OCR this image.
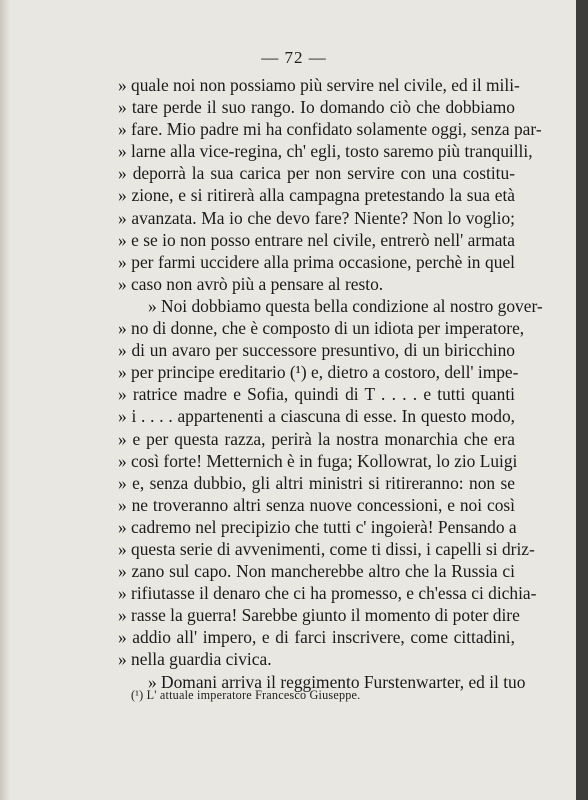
— 72 —
» quale noi non possiamo più servire nel civile, ed il mili-
» tare perde il suo rango. Io domando ciò che dobbiamo
» fare. Mio padre mi ha confidato solamente oggi, senza par-
» larne alla vice-regina, ch' egli, tosto saremo più tranquilli,
» deporrà la sua carica per non servire con una costitu-
» zione, e si ritirerà alla campagna pretestando la sua età
» avanzata. Ma io che devo fare? Niente? Non lo voglio;
» e se io non posso entrare nel civile, entrerò nell' armata
» per farmi uccidere alla prima occasione, perchè in quel
» caso non avrò più a pensare al resto.
» Noi dobbiamo questa bella condizione al nostro gover-
» no di donne, che è composto di un idiota per imperatore,
» di un avaro per successore presuntivo, di un biricchino
» per principe ereditario (¹) e, dietro a costoro, dell' impe-
» ratrice madre e Sofia, quindi di T . . . . e tutti quanti
» i . . . . appartenenti a ciascuna di esse. In questo modo,
» e per questa razza, perirà la nostra monarchia che era
» così forte! Metternich è in fuga; Kollowrat, lo zio Luigi
» e, senza dubbio, gli altri ministri si ritireranno: non se
» ne troveranno altri senza nuove concessioni, e noi così
» cadremo nel precipizio che tutti c' ingoierà! Pensando a
» questa serie di avvenimenti, come ti dissi, i capelli si driz-
» zano sul capo. Non mancherebbe altro che la Russia ci
» rifiutasse il denaro che ci ha promesso, e ch'essa ci dichia-
» rasse la guerra! Sarebbe giunto il momento di poter dire
» addio all' impero, e di farci inscrivere, come cittadini,
» nella guardia civica.
» Domani arriva il reggimento Furstenwarter, ed il tuo
(¹) L' attuale imperatore Francesco Giuseppe.
